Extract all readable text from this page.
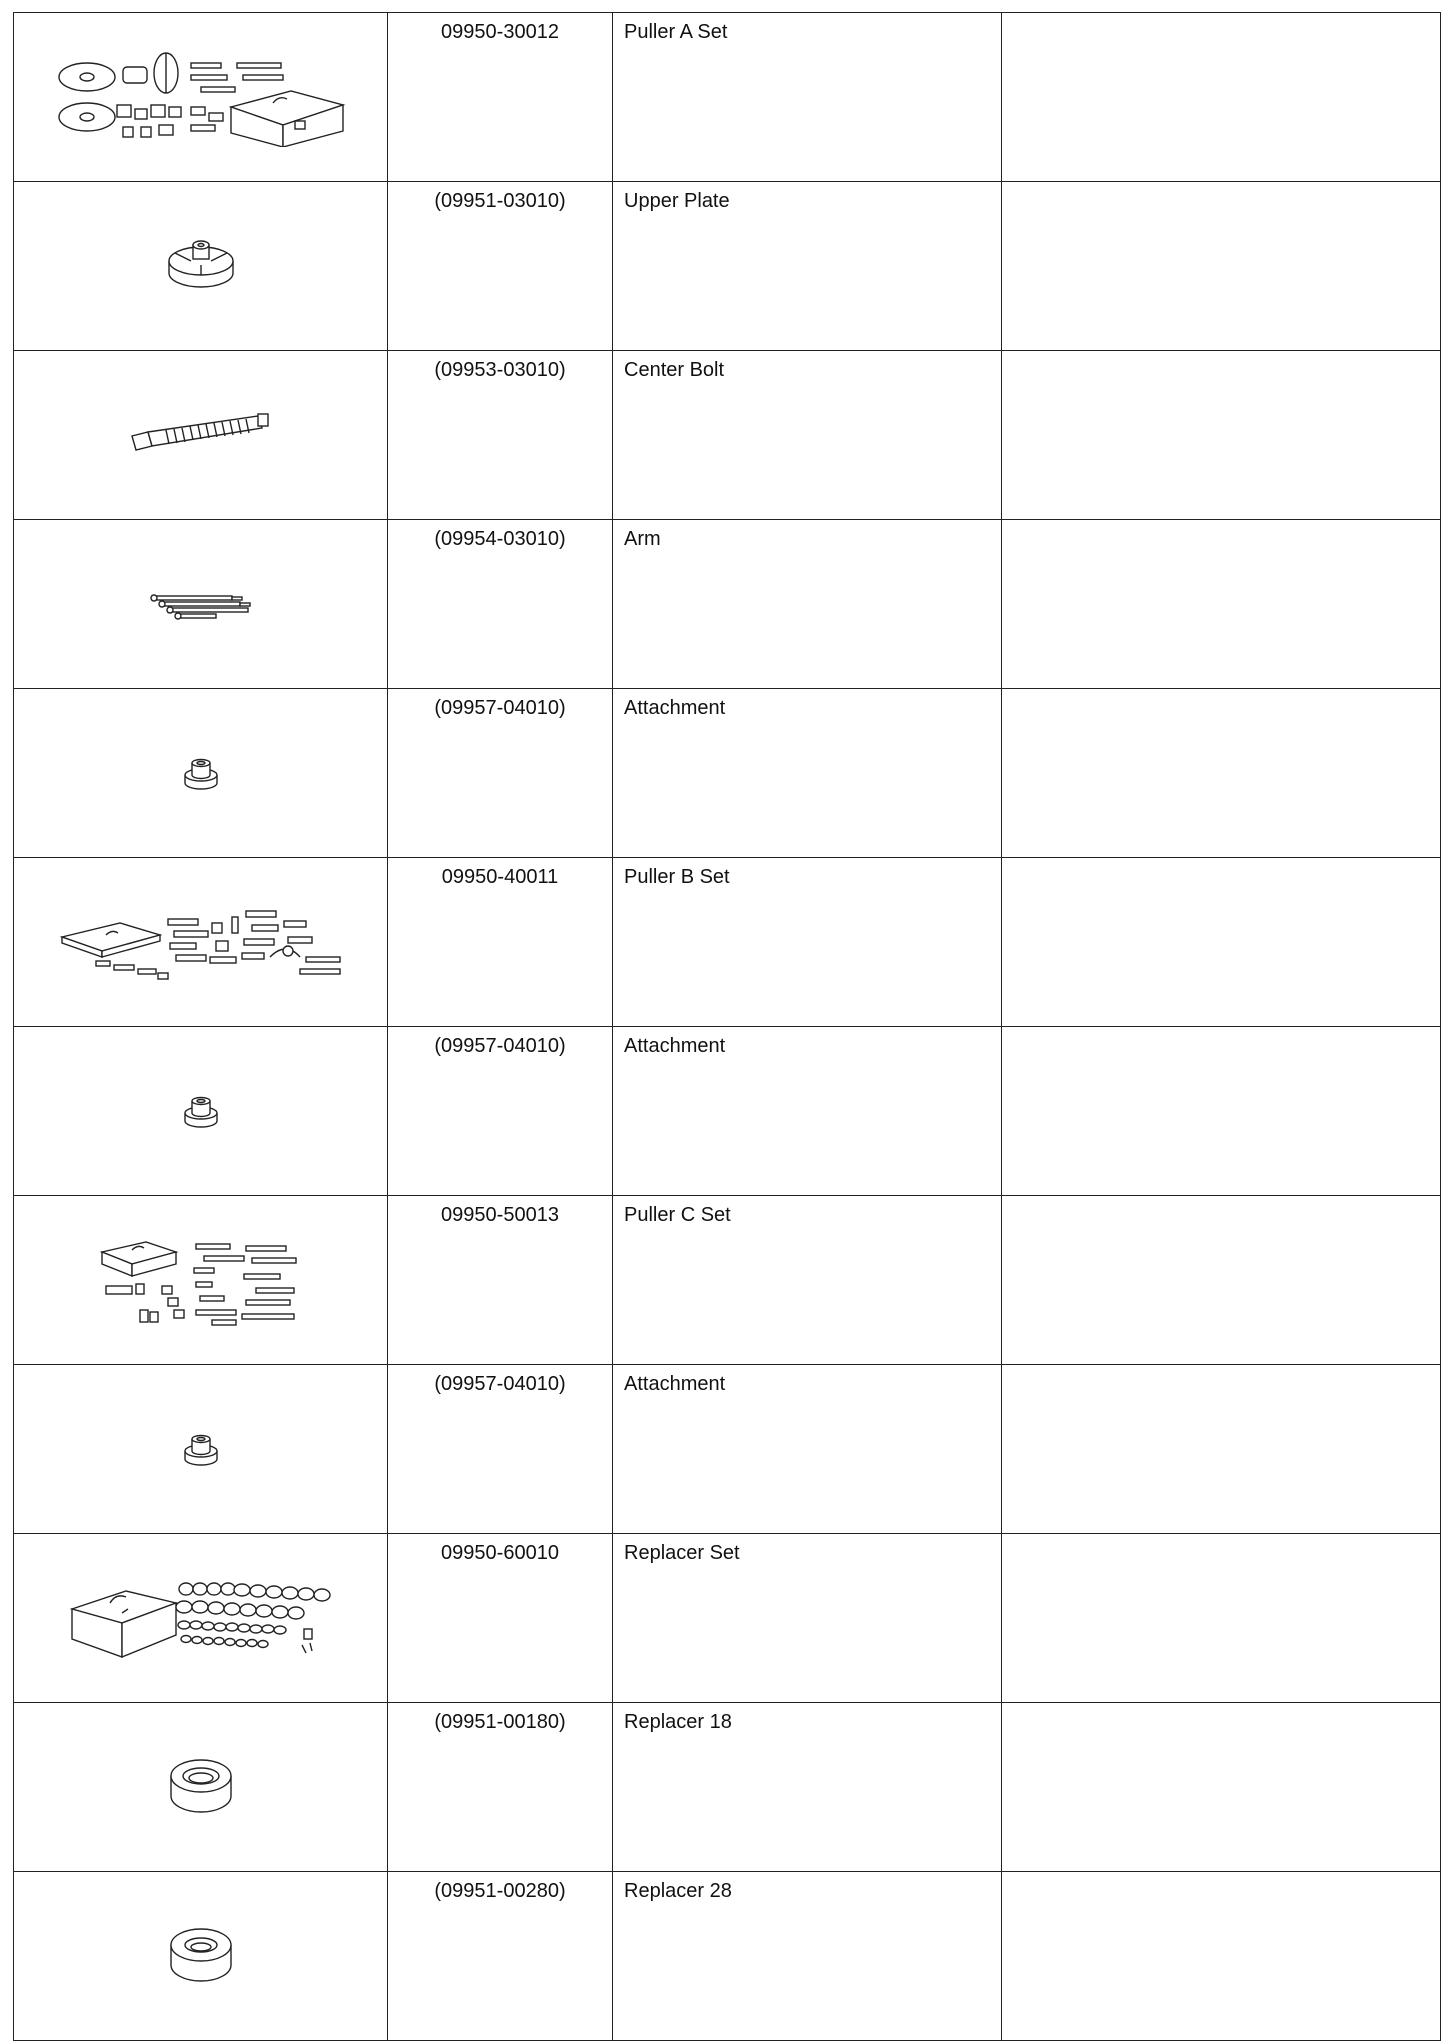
	09950-30012	Puller A Set	

	(09951-03010)	Upper Plate	

	(09953-03010)	Center Bolt	

	(09954-03010)	Arm	

	(09957-04010)	Attachment	

	09950-40011	Puller B Set	

	(09957-04010)	Attachment	

	09950-50013	Puller C Set	

	(09957-04010)	Attachment	

	09950-60010	Replacer Set	

	(09951-00180)	Replacer 18	

	(09951-00280)	Replacer 28	
